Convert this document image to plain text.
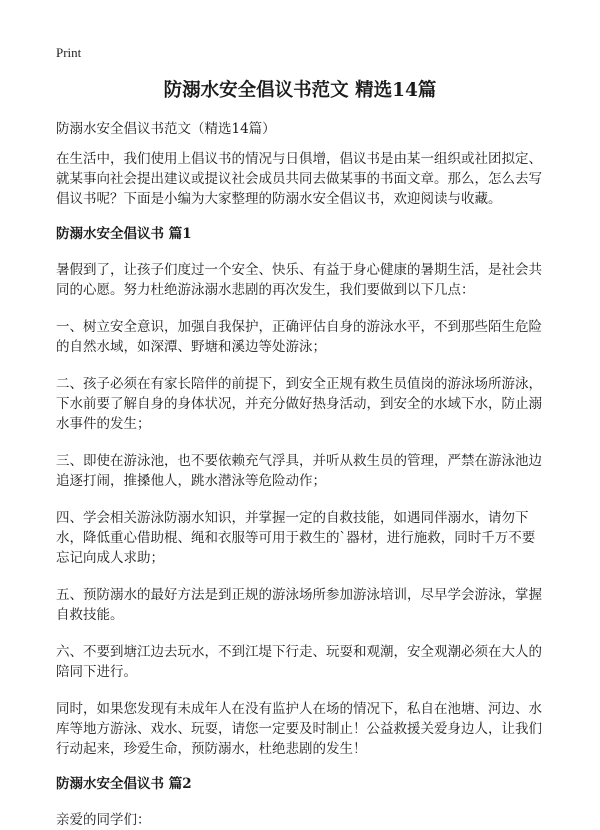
Print
防溺水安全倡议书范文 精选14篇

防溺水安全倡议书范文（精选14篇）

在生活中，我们使用上倡议书的情况与日俱增，倡议书是由某一组织或社团拟定、就某事向社会提出建议或提议社会成员共同去做某事的书面文章。那么，怎么去写倡议书呢？下面是小编为大家整理的防溺水安全倡议书，欢迎阅读与收藏。

防溺水安全倡议书 篇1

暑假到了，让孩子们度过一个安全、快乐、有益于身心健康的暑期生活，是社会共同的心愿。努力杜绝游泳溺水悲剧的再次发生，我们要做到以下几点：

一、树立安全意识，加强自我保护，正确评估自身的游泳水平，不到那些陌生危险的自然水域，如深潭、野塘和溪边等处游泳；

二、孩子必须在有家长陪伴的前提下，到安全正规有救生员值岗的游泳场所游泳，下水前要了解自身的身体状况，并充分做好热身活动，到安全的水域下水，防止溺水事件的发生；

三、即使在游泳池，也不要依赖充气浮具，并听从救生员的管理，严禁在游泳池边追逐打闹，推搡他人，跳水潜泳等危险动作；

四、学会相关游泳防溺水知识，并掌握一定的自救技能，如遇同伴溺水，请勿下水，降低重心借助棍、绳和衣服等可用于救生的`器材，进行施救，同时千万不要忘记向成人求助；

五、预防溺水的最好方法是到正规的游泳场所参加游泳培训，尽早学会游泳，掌握自救技能。

六、不要到塘江边去玩水，不到江堤下行走、玩耍和观潮，安全观潮必须在大人的陪同下进行。

同时，如果您发现有未成年人在没有监护人在场的情况下，私自在池塘、河边、水库等地方游泳、戏水、玩耍，请您一定要及时制止！公益救援关爱身边人，让我们行动起来，珍爱生命，预防溺水，杜绝悲剧的发生！

防溺水安全倡议书 篇2

亲爱的同学们：
